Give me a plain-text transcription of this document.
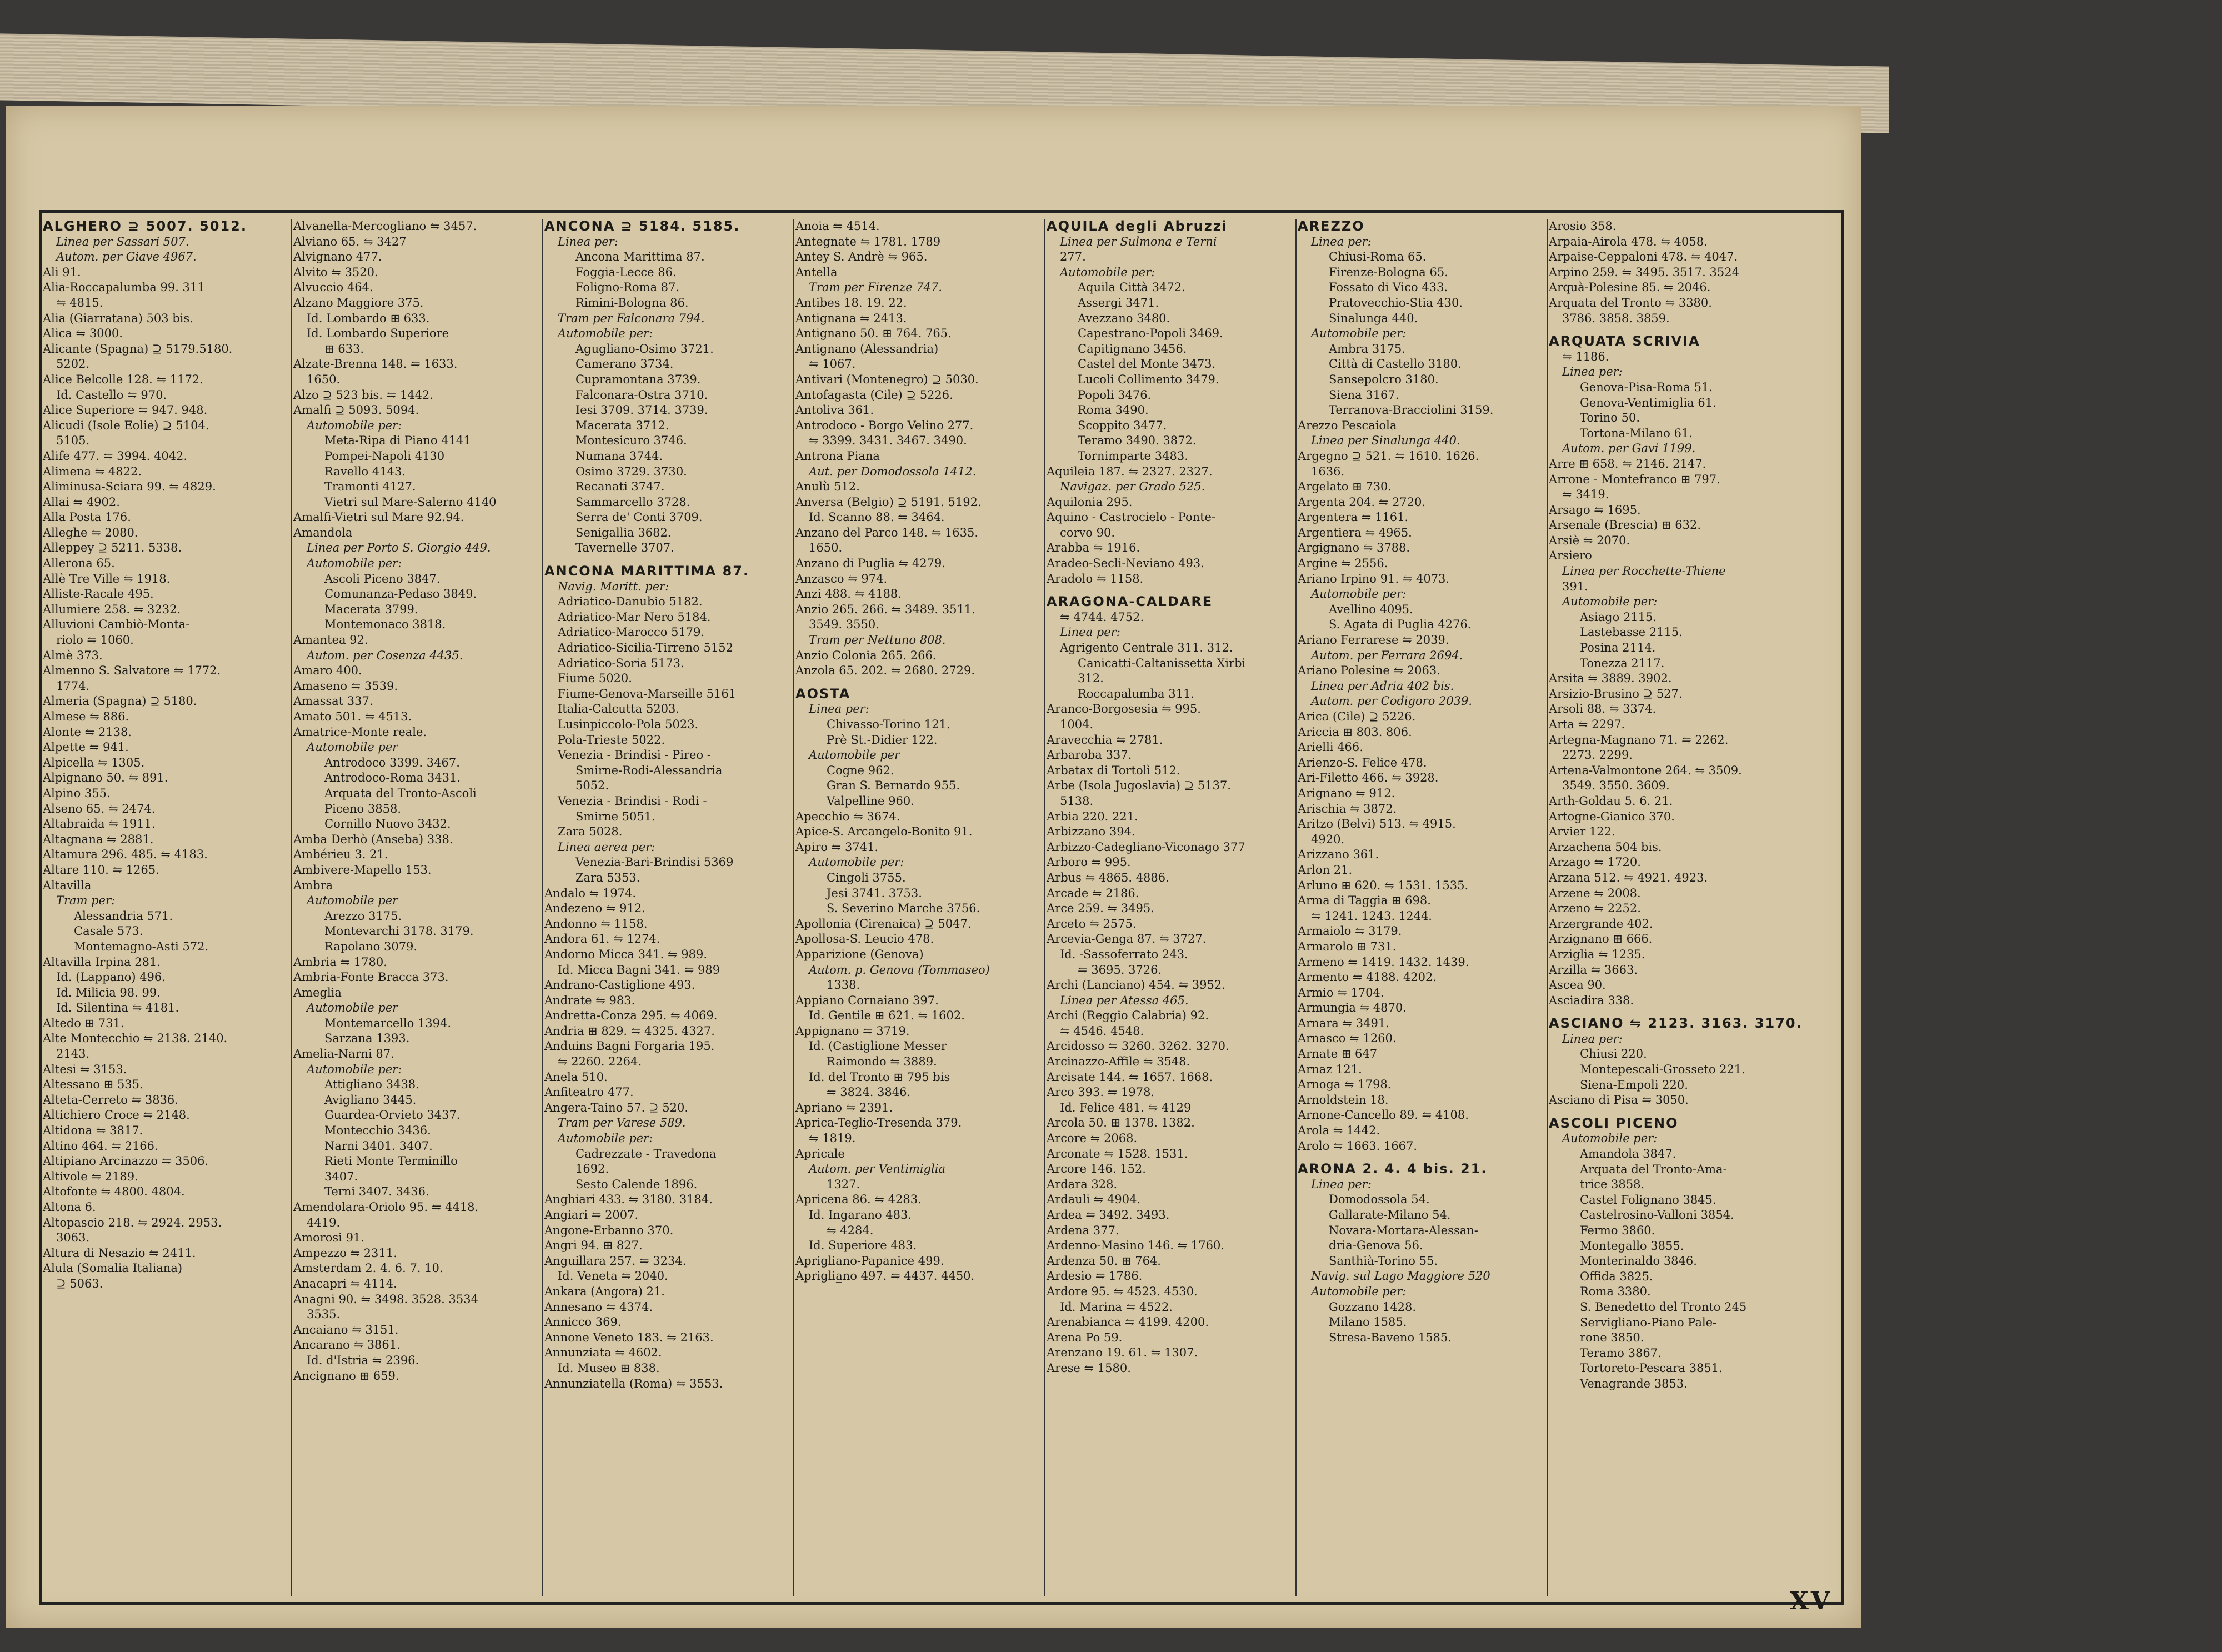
ALGHERO ⊇ 5007. 5012.
Linea per Sassari 507.
Autom. per Giave 4967.
Ali 91.
Alia-Roccapalumba 99. 311
⇋ 4815.
Alia (Giarratana) 503 bis.
Alica ⇋ 3000.
Alicante (Spagna) ⊇ 5179.5180.
5202.
Alice Belcolle 128. ⇋ 1172.
Id. Castello ⇋ 970.
Alice Superiore ⇋ 947. 948.
Alicudi (Isole Eolie) ⊇ 5104.
5105.
Alife 477. ⇋ 3994. 4042.
Alimena ⇋ 4822.
Aliminusa-Sciara 99. ⇋ 4829.
Allai ⇋ 4902.
Alla Posta 176.
Alleghe ⇋ 2080.
Alleppey ⊇ 5211. 5338.
Allerona 65.
Allè Tre Ville ⇋ 1918.
Alliste-Racale 495.
Allumiere 258. ⇋ 3232.
Alluvioni Cambiò-Monta-
riolo ⇋ 1060.
Almè 373.
Almenno S. Salvatore ⇋ 1772.
1774.
Almeria (Spagna) ⊇ 5180.
Almese ⇋ 886.
Alonte ⇋ 2138.
Alpette ⇋ 941.
Alpicella ⇋ 1305.
Alpignano 50. ⇋ 891.
Alpino 355.
Alseno 65. ⇋ 2474.
Altabraida ⇋ 1911.
Altagnana ⇋ 2881.
Altamura 296. 485. ⇋ 4183.
Altare 110. ⇋ 1265.
Altavilla
Tram per:
Alessandria 571.
Casale 573.
Montemagno-Asti 572.
Altavilla Irpina 281.
Id. (Lappano) 496.
Id. Milicia 98. 99.
Id. Silentina ⇋ 4181.
Altedo ⊞ 731.
Alte Montecchio ⇋ 2138. 2140.
2143.
Altesi ⇋ 3153.
Altessano ⊞ 535.
Alteta-Cerreto ⇋ 3836.
Altichiero Croce ⇋ 2148.
Altidona ⇋ 3817.
Altino 464. ⇋ 2166.
Altipiano Arcinazzo ⇋ 3506.
Altivole ⇋ 2189.
Altofonte ⇋ 4800. 4804.
Altona 6.
Altopascio 218. ⇋ 2924. 2953.
3063.
Altura di Nesazio ⇋ 2411.
Alula (Somalia Italiana)
⊇ 5063.
Alvanella-Mercogliano ⇋ 3457.
Alviano 65. ⇋ 3427
Alvignano 477.
Alvito ⇋ 3520.
Alvuccio 464.
Alzano Maggiore 375.
Id. Lombardo ⊞ 633.
Id. Lombardo Superiore
⊞ 633.
Alzate-Brenna 148. ⇋ 1633.
1650.
Alzo ⊇ 523 bis. ⇋ 1442.
Amalfi ⊇ 5093. 5094.
Automobile per:
Meta-Ripa di Piano 4141
Pompei-Napoli 4130
Ravello 4143.
Tramonti 4127.
Vietri sul Mare-Salerno 4140
Amalfi-Vietri sul Mare 92.94.
Amandola
Linea per Porto S. Giorgio 449.
Automobile per:
Ascoli Piceno 3847.
Comunanza-Pedaso 3849.
Macerata 3799.
Montemonaco 3818.
Amantea 92.
Autom. per Cosenza 4435.
Amaro 400.
Amaseno ⇋ 3539.
Amassat 337.
Amato 501. ⇋ 4513.
Amatrice-Monte reale.
Automobile per
Antrodoco 3399. 3467.
Antrodoco-Roma 3431.
Arquata del Tronto-Ascoli
Piceno 3858.
Cornillo Nuovo 3432.
Amba Derhò (Anseba) 338.
Ambérieu 3. 21.
Ambivere-Mapello 153.
Ambra
Automobile per
Arezzo 3175.
Montevarchi 3178. 3179.
Rapolano 3079.
Ambria ⇋ 1780.
Ambria-Fonte Bracca 373.
Ameglia
Automobile per
Montemarcello 1394.
Sarzana 1393.
Amelia-Narni 87.
Automobile per:
Attigliano 3438.
Avigliano 3445.
Guardea-Orvieto 3437.
Montecchio 3436.
Narni 3401. 3407.
Rieti Monte Terminillo
3407.
Terni 3407. 3436.
Amendolara-Oriolo 95. ⇋ 4418.
4419.
Amorosi 91.
Ampezzo ⇋ 2311.
Amsterdam 2. 4. 6. 7. 10.
Anacapri ⇋ 4114.
Anagni 90. ⇋ 3498. 3528. 3534
3535.
Ancaiano ⇋ 3151.
Ancarano ⇋ 3861.
Id. d'Istria ⇋ 2396.
Ancignano ⊞ 659.
ANCONA ⊇ 5184. 5185.
Linea per:
Ancona Marittima 87.
Foggia-Lecce 86.
Foligno-Roma 87.
Rimini-Bologna 86.
Tram per Falconara 794.
Automobile per:
Agugliano-Osimo 3721.
Camerano 3734.
Cupramontana 3739.
Falconara-Ostra 3710.
Iesi 3709. 3714. 3739.
Macerata 3712.
Montesicuro 3746.
Numana 3744.
Osimo 3729. 3730.
Recanati 3747.
Sammarcello 3728.
Serra de' Conti 3709.
Senigallia 3682.
Tavernelle 3707.
ANCONA MARITTIMA 87.
Navig. Maritt. per:
Adriatico-Danubio 5182.
Adriatico-Mar Nero 5184.
Adriatico-Marocco 5179.
Adriatico-Sicilia-Tirreno 5152
Adriatico-Soria 5173.
Fiume 5020.
Fiume-Genova-Marseille 5161
Italia-Calcutta 5203.
Lusinpiccolo-Pola 5023.
Pola-Trieste 5022.
Venezia - Brindisi - Pireo -
Smirne-Rodi-Alessandria
5052.
Venezia - Brindisi - Rodi -
Smirne 5051.
Zara 5028.
Linea aerea per:
Venezia-Bari-Brindisi 5369
Zara 5353.
Andalo ⇋ 1974.
Andezeno ⇋ 912.
Andonno ⇋ 1158.
Andora 61. ⇋ 1274.
Andorno Micca 341. ⇋ 989.
Id. Micca Bagni 341. ⇋ 989
Andrano-Castiglione 493.
Andrate ⇋ 983.
Andretta-Conza 295. ⇋ 4069.
Andria ⊞ 829. ⇋ 4325. 4327.
Anduins Bagni Forgaria 195.
⇋ 2260. 2264.
Anela 510.
Anfiteatro 477.
Angera-Taino 57. ⊇ 520.
Tram per Varese 589.
Automobile per:
Cadrezzate - Travedona
1692.
Sesto Calende 1896.
Anghiari 433. ⇋ 3180. 3184.
Angiari ⇋ 2007.
Angone-Erbanno 370.
Angri 94. ⊞ 827.
Anguillara 257. ⇋ 3234.
Id. Veneta ⇋ 2040.
Ankara (Angora) 21.
Annesano ⇋ 4374.
Annicco 369.
Annone Veneto 183. ⇋ 2163.
Annunziata ⇋ 4602.
Id. Museo ⊞ 838.
Annunziatella (Roma) ⇋ 3553.
Anoia ⇋ 4514.
Antegnate ⇋ 1781. 1789
Antey S. Andrè ⇋ 965.
Antella
Tram per Firenze 747.
Antibes 18. 19. 22.
Antignana ⇋ 2413.
Antignano 50. ⊞ 764. 765.
Antignano (Alessandria)
⇋ 1067.
Antivari (Montenegro) ⊇ 5030.
Antofagasta (Cile) ⊇ 5226.
Antoliva 361.
Antrodoco - Borgo Velino 277.
⇋ 3399. 3431. 3467. 3490.
Antrona Piana
Aut. per Domodossola 1412.
Anulù 512.
Anversa (Belgio) ⊇ 5191. 5192.
Id. Scanno 88. ⇋ 3464.
Anzano del Parco 148. ⇋ 1635.
1650.
Anzano di Puglia ⇋ 4279.
Anzasco ⇋ 974.
Anzi 488. ⇋ 4188.
Anzio 265. 266. ⇋ 3489. 3511.
3549. 3550.
Tram per Nettuno 808.
Anzio Colonia 265. 266.
Anzola 65. 202. ⇋ 2680. 2729.
AOSTA
Linea per:
Chivasso-Torino 121.
Prè St.-Didier 122.
Automobile per
Cogne 962.
Gran S. Bernardo 955.
Valpelline 960.
Apecchio ⇋ 3674.
Apice-S. Arcangelo-Bonito 91.
Apiro ⇋ 3741.
Automobile per:
Cingoli 3755.
Jesi 3741. 3753.
S. Severino Marche 3756.
Apollonia (Cirenaica) ⊇ 5047.
Apollosa-S. Leucio 478.
Apparizione (Genova)
Autom. p. Genova (Tommaseo)
1338.
Appiano Cornaiano 397.
Id. Gentile ⊞ 621. ⇋ 1602.
Appignano ⇋ 3719.
Id. (Castiglione Messer
Raimondo ⇋ 3889.
Id. del Tronto ⊞ 795 bis
⇋ 3824. 3846.
Apriano ⇋ 2391.
Aprica-Teglio-Tresenda 379.
⇋ 1819.
Apricale
Autom. per Ventimiglia
1327.
Apricena 86. ⇋ 4283.
Id. Ingarano 483.
⇋ 4284.
Id. Superiore 483.
Aprigliano-Papanice 499.
Apriglia̲no 497. ⇋ 4437. 4450.
AQUILA degli Abruzzi
Linea per Sulmona e Terni
277.
Automobile per:
Aquila Città 3472.
Assergi 3471.
Avezzano 3480.
Capestrano-Popoli 3469.
Capitignano 3456.
Castel del Monte 3473.
Lucoli Collimento 3479.
Popoli 3476.
Roma 3490.
Scoppito 3477.
Teramo 3490. 3872.
Tornimparte 3483.
Aquileia 187. ⇋ 2327. 2327.
Navigaz. per Grado 525.
Aquilonia 295.
Aquino - Castrocielo - Ponte-
corvo 90.
Arabba ⇋ 1916.
Aradeo-Secli-Neviano 493.
Aradolo ⇋ 1158.
ARAGONA-CALDARE
⇋ 4744. 4752.
Linea per:
Agrigento Centrale 311. 312.
Canicatti-Caltanissetta Xirbi
312.
Roccapalumba 311.
Aranco-Borgosesia ⇋ 995.
1004.
Aravecchia ⇋ 2781.
Arbaroba 337.
Arbatax di Tortolì 512.
Arbe (Isola Jugoslavia) ⊇ 5137.
5138.
Arbia 220. 221.
Arbizzano 394.
Arbizzo-Cadegliano-Viconago 377
Arboro ⇋ 995.
Arbus ⇋ 4865. 4886.
Arcade ⇋ 2186.
Arce 259. ⇋ 3495.
Arceto ⇋ 2575.
Arcevia-Genga 87. ⇋ 3727.
Id. -Sassoferrato 243.
⇋ 3695. 3726.
Archi (Lanciano) 454. ⇋ 3952.
Linea per Atessa 465.
Archi (Reggio Calabria) 92.
⇋ 4546. 4548.
Arcidosso ⇋ 3260. 3262. 3270.
Arcinazzo-Affile ⇋ 3548.
Arcisate 144. ⇋ 1657. 1668.
Arco 393. ⇋ 1978.
Id. Felice 481. ⇋ 4129
Arcola 50. ⊞ 1378. 1382.
Arcore ⇋ 2068.
Arconate ⇋ 1528. 1531.
Arcore 146. 152.
Ardara 328.
Ardauli ⇋ 4904.
Ardea ⇋ 3492. 3493.
Ardena 377.
Ardenno-Masino 146. ⇋ 1760.
Ardenza 50. ⊞ 764.
Ardesio ⇋ 1786.
Ardore 95. ⇋ 4523. 4530.
Id. Marina ⇋ 4522.
Arenabianca ⇋ 4199. 4200.
Arena Po 59.
Arenzano 19. 61. ⇋ 1307.
Arese ⇋ 1580.
AREZZO
Linea per:
Chiusi-Roma 65.
Firenze-Bologna 65.
Fossato di Vico 433.
Pratovecchio-Stia 430.
Sinalunga 440.
Automobile per:
Ambra 3175.
Città di Castello 3180.
Sansepolcro 3180.
Siena 3167.
Terranova-Bracciolini 3159.
Arezzo Pescaiola
Linea per Sinalunga 440.
Argegno ⊇ 521. ⇋ 1610. 1626.
1636.
Argelato ⊞ 730.
Argenta 204. ⇋ 2720.
Argentera ⇋ 1161.
Argentiera ⇋ 4965.
Argignano ⇋ 3788.
Argine ⇋ 2556.
Ariano Irpino 91. ⇋ 4073.
Automobile per:
Avellino 4095.
S. Agata di Puglia 4276.
Ariano Ferrarese ⇋ 2039.
Autom. per Ferrara 2694.
Ariano Polesine ⇋ 2063.
Linea per Adria 402 bis.
Autom. per Codigoro 2039.
Arica (Cile) ⊇ 5226.
Ariccia ⊞ 803. 806.
Arielli 466.
Arienzo-S. Felice 478.
Ari-Filetto 466. ⇋ 3928.
Arignano ⇋ 912.
Arischia ⇋ 3872.
Aritzo (Belvi) 513. ⇋ 4915.
4920.
Arizzano 361.
Arlon 21.
Arluno ⊞ 620. ⇋ 1531. 1535.
Arma di Taggia ⊞ 698.
⇋ 1241. 1243. 1244.
Armaiolo ⇋ 3179.
Armarolo ⊞ 731.
Armeno ⇋ 1419. 1432. 1439.
Armento ⇋ 4188. 4202.
Armio ⇋ 1704.
Armungia ⇋ 4870.
Arnara ⇋ 3491.
Arnasco ⇋ 1260.
Arnate ⊞ 647
Arnaz 121.
Arnoga ⇋ 1798.
Arnoldstein 18.
Arnone-Cancello 89. ⇋ 4108.
Arola ⇋ 1442.
Arolo ⇋ 1663. 1667.
ARONA 2. 4. 4 bis. 21.
Linea per:
Domodossola 54.
Gallarate-Milano 54.
Novara-Mortara-Alessan-
dria-Genova 56.
Santhià-Torino 55.
Navig. sul Lago Maggiore 520
Automobile per:
Gozzano 1428.
Milano 1585.
Stresa-Baveno 1585.
Arosio 358.
Arpaia-Airola 478. ⇋ 4058.
Arpaise-Ceppaloni 478. ⇋ 4047.
Arpino 259. ⇋ 3495. 3517. 3524
Arquà-Polesine 85. ⇋ 2046.
Arquata del Tronto ⇋ 3380.
3786. 3858. 3859.
ARQUATA SCRIVIA
⇋ 1186.
Linea per:
Genova-Pisa-Roma 51.
Genova-Ventimiglia 61.
Torino 50.
Tortona-Milano 61.
Autom. per Gavi 1199.
Arre ⊞ 658. ⇋ 2146. 2147.
Arrone - Montefranco ⊞ 797.
⇋ 3419.
Arsago ⇋ 1695.
Arsenale (Brescia) ⊞ 632.
Arsiè ⇋ 2070.
Arsiero
Linea per Rocchette-Thiene
391.
Automobile per:
Asiago 2115.
Lastebasse 2115.
Posina 2114.
Tonezza 2117.
Arsita ⇋ 3889. 3902.
Arsizio-Brusino ⊇ 527.
Arsoli 88. ⇋ 3374.
Arta ⇋ 2297.
Artegna-Magnano 71. ⇋ 2262.
2273. 2299.
Artena-Valmontone 264. ⇋ 3509.
3549. 3550. 3609.
Arth-Goldau 5. 6. 21.
Artogne-Gianico 370.
Arvier 122.
Arzachena 504 bis.
Arzago ⇋ 1720.
Arzana 512. ⇋ 4921. 4923.
Arzene ⇋ 2008.
Arzeno ⇋ 2252.
Arzergrande 402.
Arzignano ⊞ 666.
Arziglia ⇋ 1235.
Arzilla ⇋ 3663.
Ascea 90.
Asciadira 338.
ASCIANO ⇋ 2123. 3163. 3170.
Linea per:
Chiusi 220.
Montepescali-Grosseto 221.
Siena-Empoli 220.
Asciano di Pisa ⇋ 3050.
ASCOLI PICENO
Automobile per:
Amandola 3847.
Arquata del Tronto-Ama-
trice 3858.
Castel Folignano 3845.
Castelrosino-Valloni 3854.
Fermo 3860.
Montegallo 3855.
Monterinaldo 3846.
Offida 3825.
Roma 3380.
S. Benedetto del Tronto 245
Servigliano-Piano Pale-
rone 3850.
Teramo 3867.
Tortoreto-Pescara 3851.
Venagrande 3853.
XV
